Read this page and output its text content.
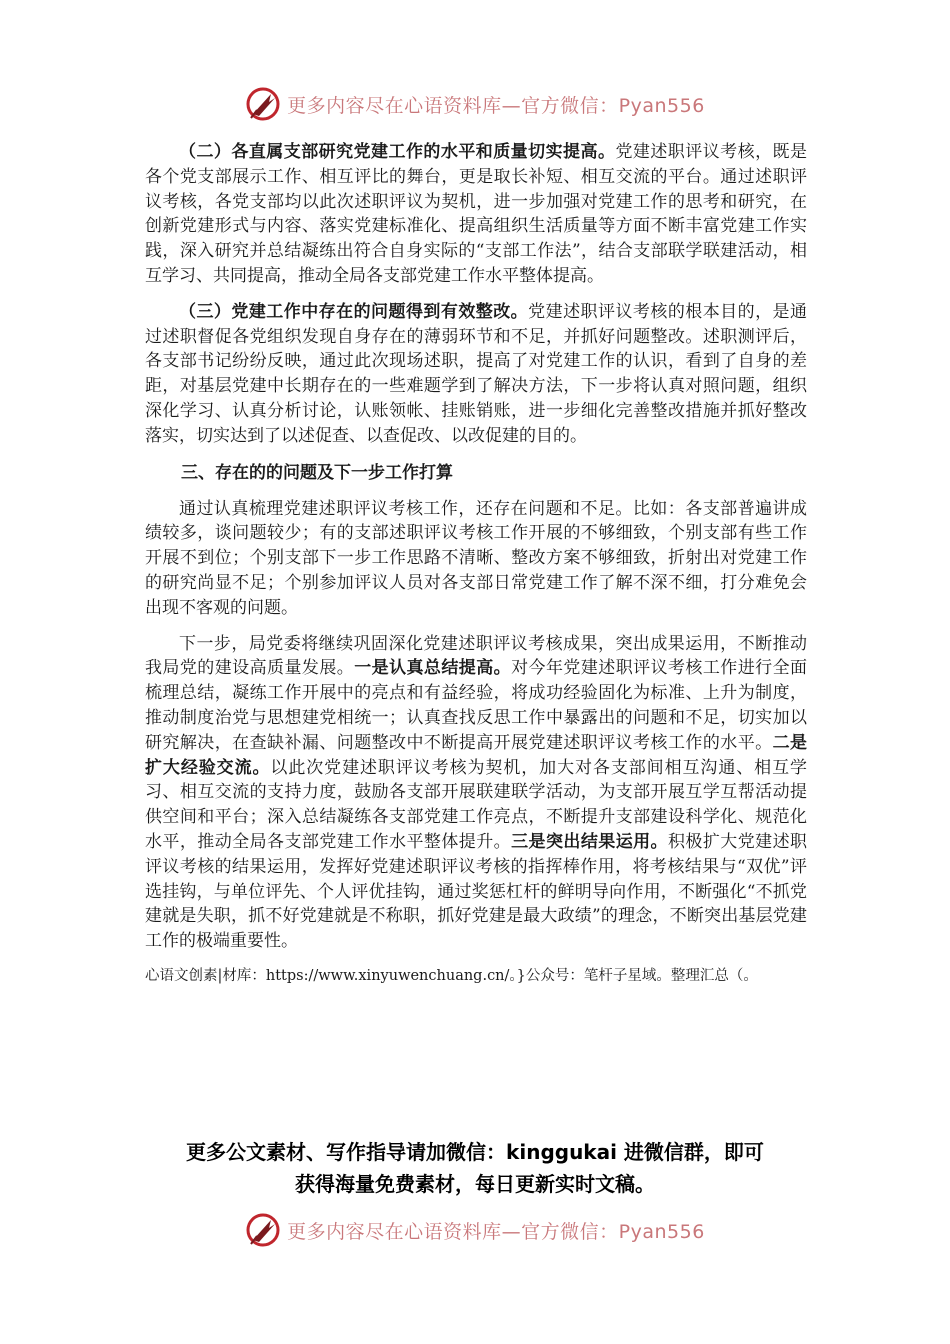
更多内容尽在心语资料库—官方微信：Pyan556

（二）各直属支部研究党建工作的水平和质量切实提高。党建述职评议考核，既是各个党支部展示工作、相互评比的舞台，更是取长补短、相互交流的平台。通过述职评议考核，各党支部均以此次述职评议为契机，进一步加强对党建工作的思考和研究，在创新党建形式与内容、落实党建标准化、提高组织生活质量等方面不断丰富党建工作实践，深入研究并总结凝练出符合自身实际的“支部工作法”，结合支部联学联建活动，相互学习、共同提高，推动全局各支部党建工作水平整体提高。

（三）党建工作中存在的问题得到有效整改。党建述职评议考核的根本目的，是通过述职督促各党组织发现自身存在的薄弱环节和不足，并抓好问题整改。述职测评后，各支部书记纷纷反映，通过此次现场述职，提高了对党建工作的认识，看到了自身的差距，对基层党建中长期存在的一些难题学到了解决方法，下一步将认真对照问题，组织深化学习、认真分析讨论，认账领帐、挂账销账，进一步细化完善整改措施并抓好整改落实，切实达到了以述促查、以查促改、以改促建的目的。

三、存在的的问题及下一步工作打算

通过认真梳理党建述职评议考核工作，还存在问题和不足。比如：各支部普遍讲成绩较多，谈问题较少；有的支部述职评议考核工作开展的不够细致，个别支部有些工作开展不到位；个别支部下一步工作思路不清晰、整改方案不够细致，折射出对党建工作的研究尚显不足；个别参加评议人员对各支部日常党建工作了解不深不细，打分难免会出现不客观的问题。

下一步，局党委将继续巩固深化党建述职评议考核成果，突出成果运用，不断推动我局党的建设高质量发展。一是认真总结提高。对今年党建述职评议考核工作进行全面梳理总结，凝练工作开展中的亮点和有益经验，将成功经验固化为标准、上升为制度，推动制度治党与思想建党相统一；认真查找反思工作中暴露出的问题和不足，切实加以研究解决，在查缺补漏、问题整改中不断提高开展党建述职评议考核工作的水平。二是扩大经验交流。以此次党建述职评议考核为契机，加大对各支部间相互沟通、相互学习、相互交流的支持力度，鼓励各支部开展联建联学活动，为支部开展互学互帮活动提供空间和平台；深入总结凝练各支部党建工作亮点，不断提升支部建设科学化、规范化水平，推动全局各支部党建工作水平整体提升。三是突出结果运用。积极扩大党建述职评议考核的结果运用，发挥好党建述职评议考核的指挥棒作用，将考核结果与“双优”评选挂钩，与单位评先、个人评优挂钩，通过奖惩杠杆的鲜明导向作用，不断强化“不抓党建就是失职，抓不好党建就是不称职，抓好党建是最大政绩”的理念，不断突出基层党建工作的极端重要性。

心语文创素|材库：https://www.xinyuwenchuang.cn/。}公众号：笔杆子星域。整理汇总（。

更多公文素材、写作指导请加微信：kinggukai 进微信群，即可
获得海量免费素材，每日更新实时文稿。
更多内容尽在心语资料库—官方微信：Pyan556
